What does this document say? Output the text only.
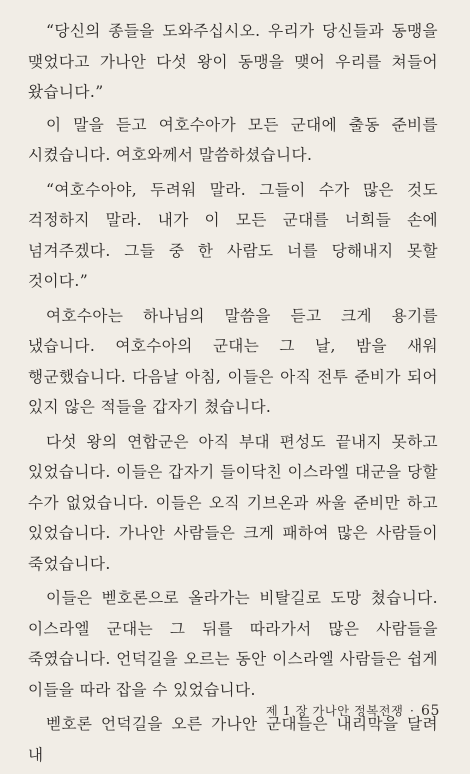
“당신의 종들을 도와주십시오. 우리가 당신들과 동맹을 맺었다고 가나안 다섯 왕이 동맹을 맺어 우리를 쳐들어 왔습니다.”

이 말을 듣고 여호수아가 모든 군대에 출동 준비를 시켰습니다. 여호와께서 말씀하셨습니다.

“여호수아야, 두려워 말라. 그들이 수가 많은 것도 걱정하지 말라. 내가 이 모든 군대를 너희들 손에 넘겨주겠다. 그들 중 한 사람도 너를 당해내지 못할 것이다.”

여호수아는 하나님의 말씀을 듣고 크게 용기를 냈습니다. 여호수아의 군대는 그 날, 밤을 새워 행군했습니다. 다음날 아침, 이들은 아직 전투 준비가 되어 있지 않은 적들을 갑자기 쳤습니다.

다섯 왕의 연합군은 아직 부대 편성도 끝내지 못하고 있었습니다. 이들은 갑자기 들이닥친 이스라엘 대군을 당할 수가 없었습니다. 이들은 오직 기브온과 싸울 준비만 하고 있었습니다. 가나안 사람들은 크게 패하여 많은 사람들이 죽었습니다.

이들은 벧호론으로 올라가는 비탈길로 도망 쳤습니다. 이스라엘 군대는 그 뒤를 따라가서 많은 사람들을 죽였습니다. 언덕길을 오르는 동안 이스라엘 사람들은 쉽게 이들을 따라 잡을 수 있었습니다.

벧호론 언덕길을 오른 가나안 군대들은 내리막을 달려 내

제 1 장 가나안 정복전쟁 · 65
